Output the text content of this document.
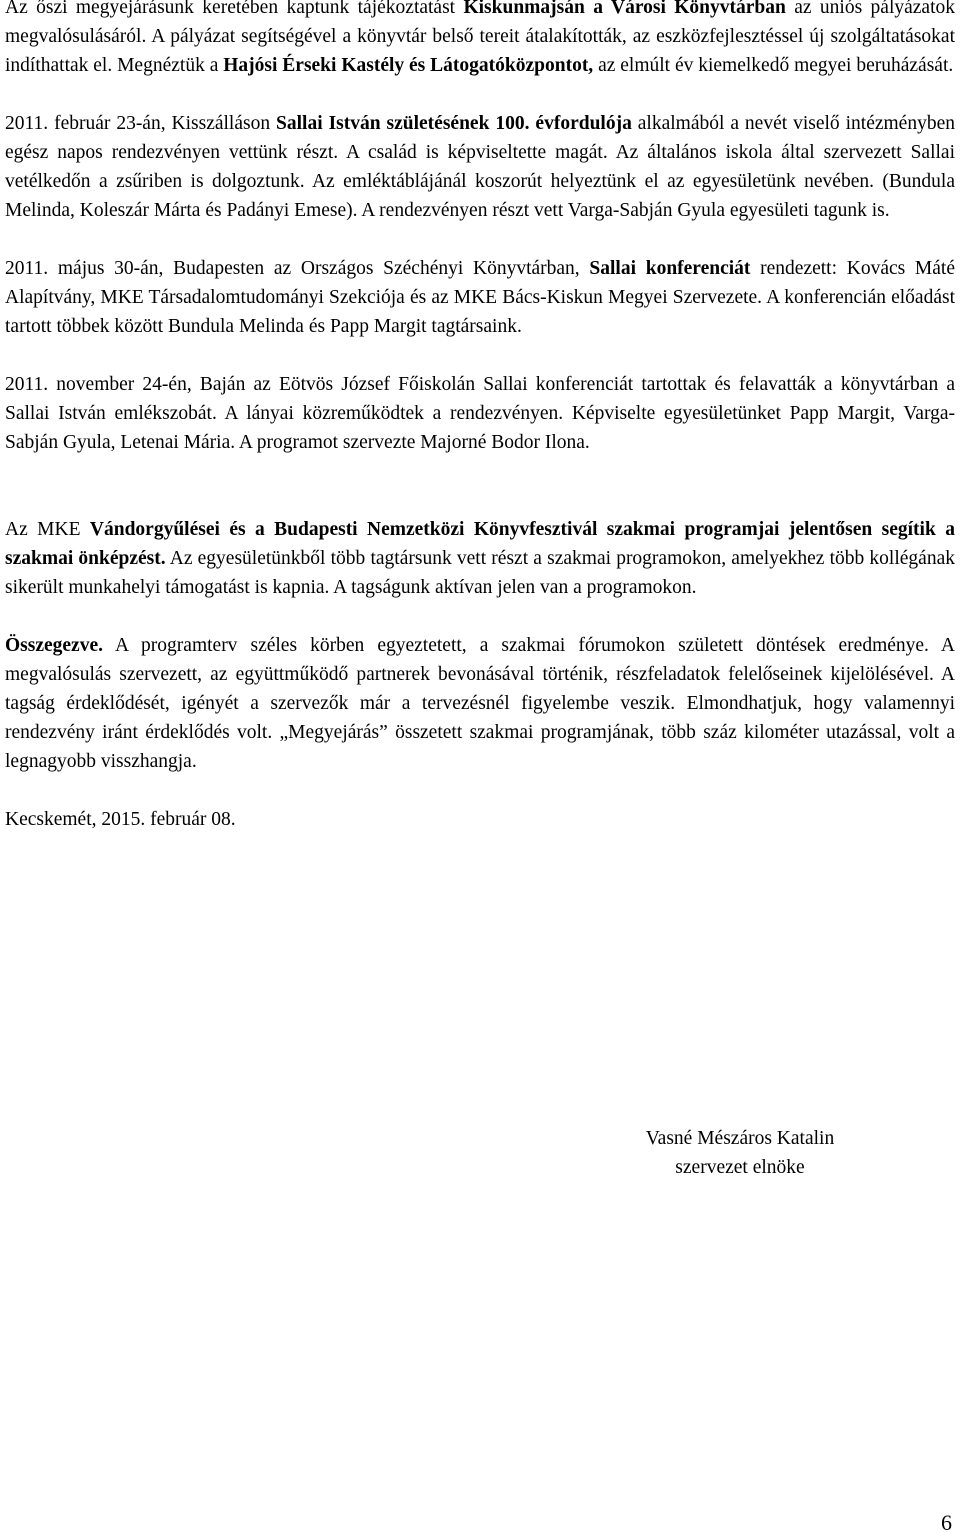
Az őszi megyejárásunk keretében kaptunk tájékoztatást Kiskunmajsán a Városi Könyvtárban az uniós pályázatok megvalósulásáról. A pályázat segítségével a könyvtár belső tereit átalakították, az eszközfejlesztéssel új szolgáltatásokat indíthattak el. Megnéztük a Hajósi Érseki Kastély és Látogatóközpontot, az elmúlt év kiemelkedő megyei beruházását.

2011. február 23-án, Kisszálláson Sallai István születésének 100. évfordulója alkalmából a nevét viselő intézményben egész napos rendezvényen vettünk részt. A család is képviseltette magát. Az általános iskola által szervezett Sallai vetélkedőn a zsűriben is dolgoztunk. Az emléktáblájánál koszorút helyeztünk el az egyesületünk nevében. (Bundula Melinda, Koleszár Márta és Padányi Emese). A rendezvényen részt vett Varga-Sabján Gyula egyesületi tagunk is.

2011. május 30-án, Budapesten az Országos Széchényi Könyvtárban, Sallai konferenciát rendezett: Kovács Máté Alapítvány, MKE Társadalomtudományi Szekciója és az MKE Bács-Kiskun Megyei Szervezete. A konferencián előadást tartott többek között Bundula Melinda és Papp Margit tagtársaink.

2011. november 24-én, Baján az Eötvös József Főiskolán Sallai konferenciát tartottak és felavatták a könyvtárban a Sallai István emlékszobát. A lányai közreműködtek a rendezvényen. Képviselte egyesületünket Papp Margit, Varga-Sabján Gyula, Letenai Mária. A programot szervezte Majorné Bodor Ilona.

Az MKE Vándorgyűlései és a Budapesti Nemzetközi Könyvfesztivál szakmai programjai jelentősen segítik a szakmai önképzést. Az egyesületünkből több tagtársunk vett részt a szakmai programokon, amelyekhez több kollégának sikerült munkahelyi támogatást is kapnia. A tagságunk aktívan jelen van a programokon.

Összegezve. A programterv széles körben egyeztetett, a szakmai fórumokon született döntések eredménye. A megvalósulás szervezett, az együttműködő partnerek bevonásával történik, részfeladatok felelőseinek kijelölésével. A tagság érdeklődését, igényét a szervezők már a tervezésnél figyelembe veszik. Elmondhatjuk, hogy valamennyi rendezvény iránt érdeklődés volt. „Megyejárás” összetett szakmai programjának, több száz kilométer utazással, volt a legnagyobb visszhangja.

Kecskemét, 2015. február 08.

Vasné Mészáros Katalin
szervezet elnöke
6
